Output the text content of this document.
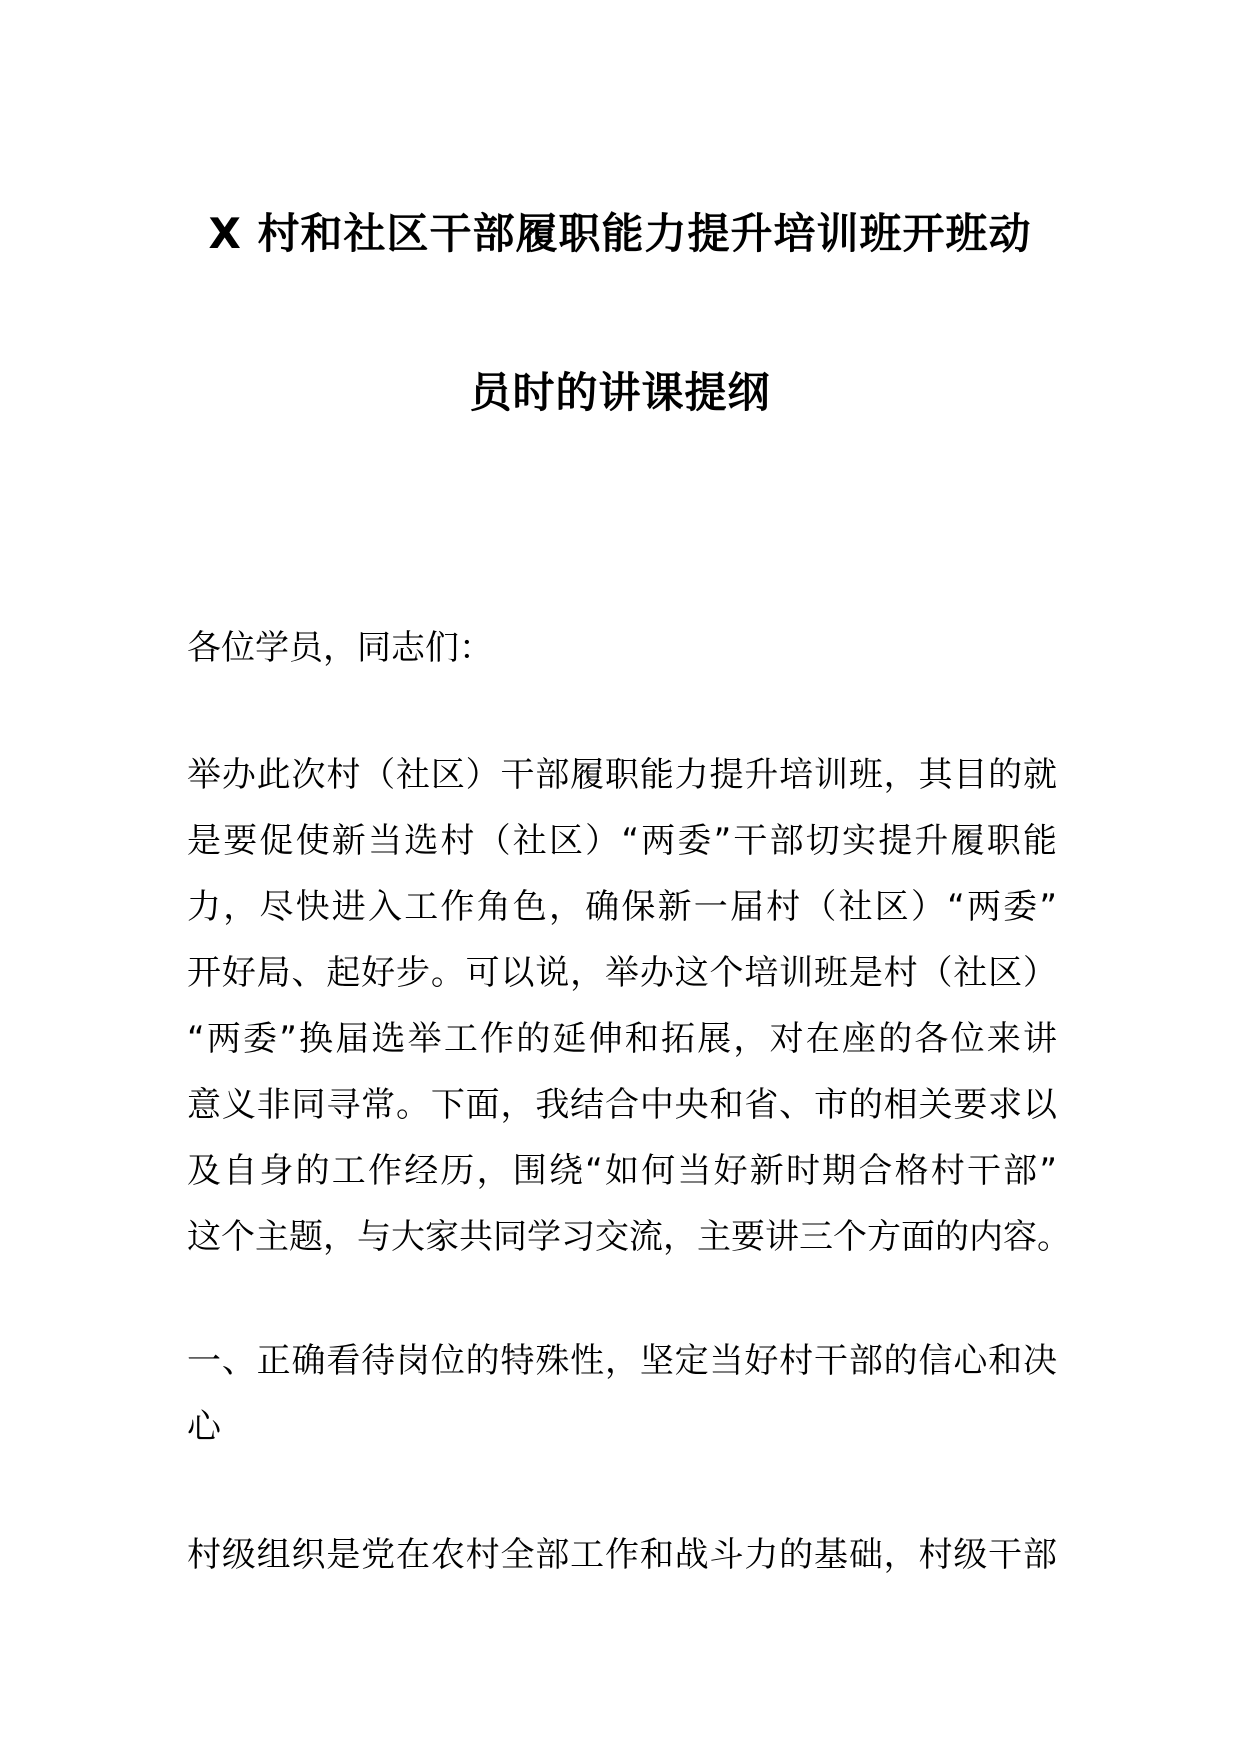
X 村和社区干部履职能力提升培训班开班动
员时的讲课提纲

各位学员，同志们：

举办此次村（社区）干部履职能力提升培训班，其目的就
是要促使新当选村（社区）“两委”干部切实提升履职能
力，尽快进入工作角色，确保新一届村（社区）“两委”
开好局、起好步。可以说，举办这个培训班是村（社区）
“两委”换届选举工作的延伸和拓展，对在座的各位来讲
意义非同寻常。下面，我结合中央和省、市的相关要求以
及自身的工作经历，围绕“如何当好新时期合格村干部”
这个主题，与大家共同学习交流，主要讲三个方面的内容。
一、正确看待岗位的特殊性，坚定当好村干部的信心和决
心
村级组织是党在农村全部工作和战斗力的基础，村级干部
